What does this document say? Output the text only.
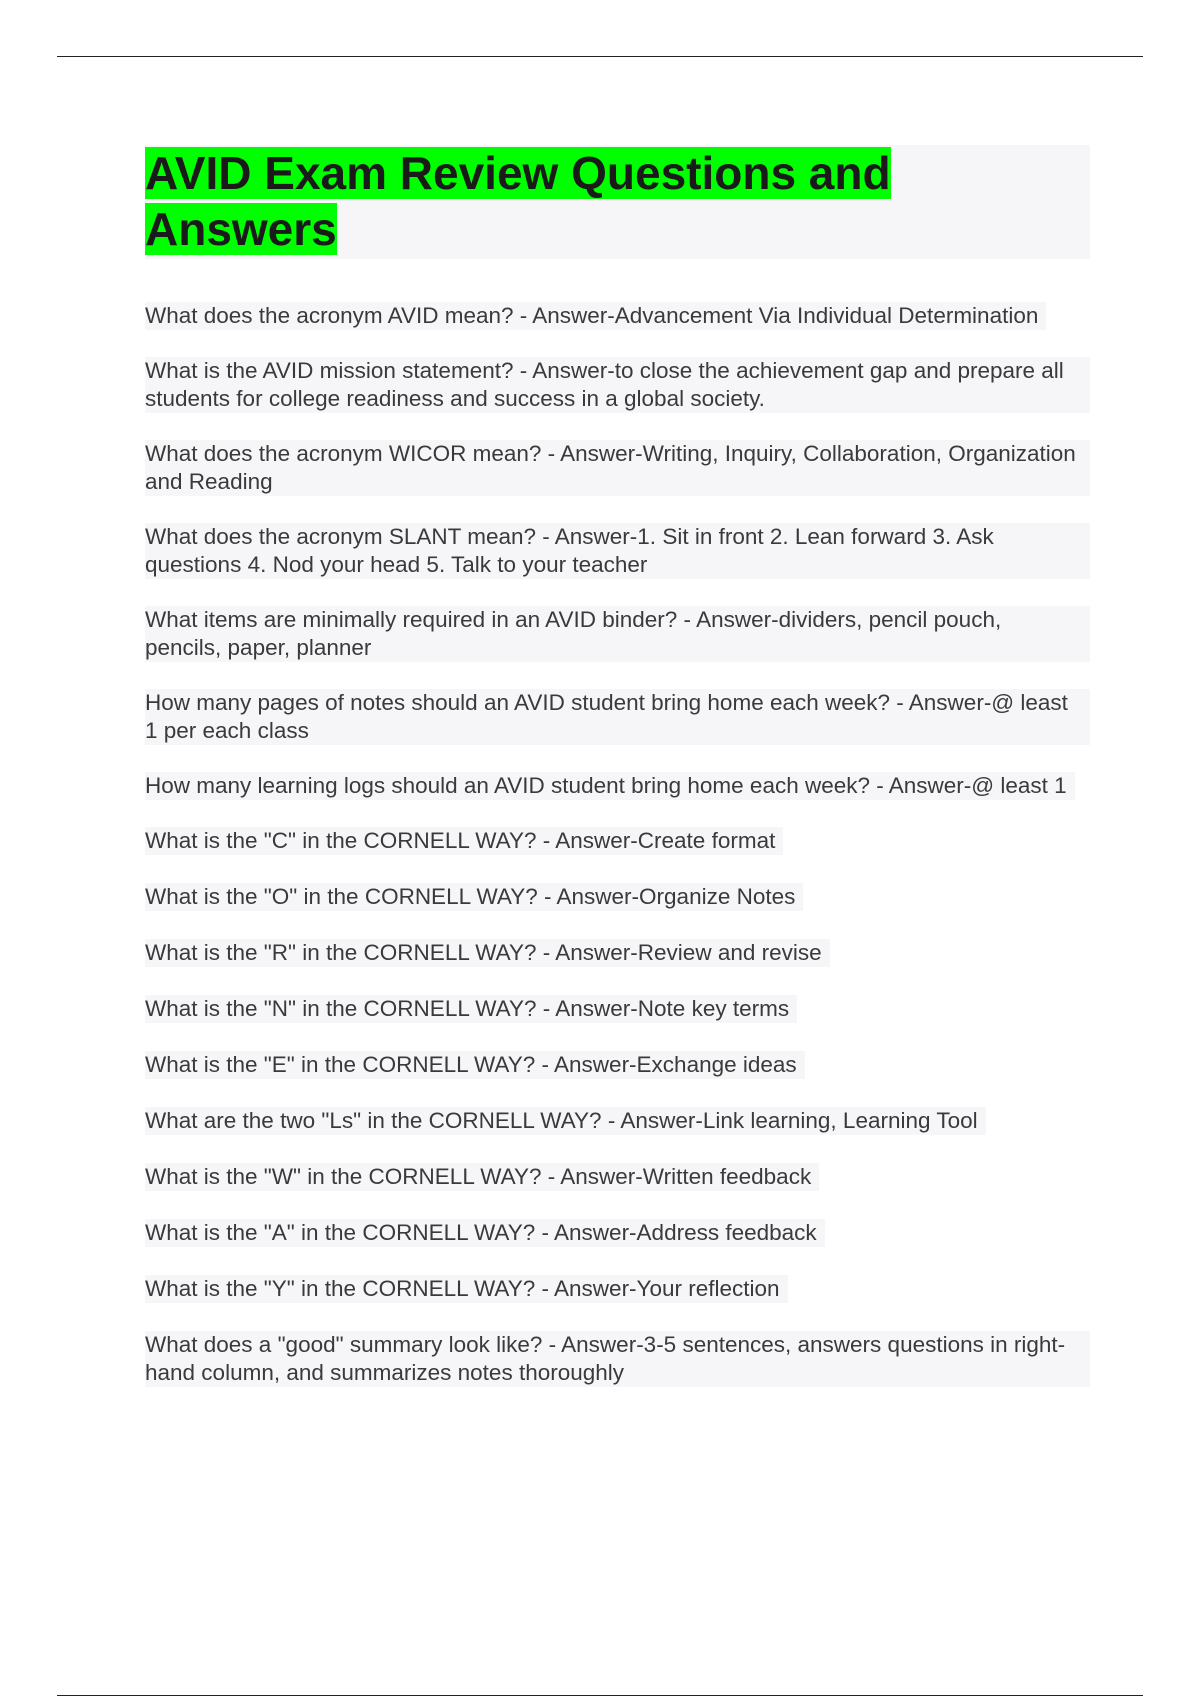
AVID Exam Review Questions and Answers
What does the acronym AVID mean? - Answer-Advancement Via Individual Determination
What is the AVID mission statement? - Answer-to close the achievement gap and prepare all students for college readiness and success in a global society.
What does the acronym WICOR mean? - Answer-Writing, Inquiry, Collaboration, Organization and Reading
What does the acronym SLANT mean? - Answer-1. Sit in front 2. Lean forward 3. Ask questions 4. Nod your head 5. Talk to your teacher
What items are minimally required in an AVID binder? - Answer-dividers, pencil pouch, pencils, paper, planner
How many pages of notes should an AVID student bring home each week? - Answer-@ least 1 per each class
How many learning logs should an AVID student bring home each week? - Answer-@ least 1
What is the "C" in the CORNELL WAY? - Answer-Create format
What is the "O" in the CORNELL WAY? - Answer-Organize Notes
What is the "R" in the CORNELL WAY? - Answer-Review and revise
What is the "N" in the CORNELL WAY? - Answer-Note key terms
What is the "E" in the CORNELL WAY? - Answer-Exchange ideas
What are the two "Ls" in the CORNELL WAY? - Answer-Link learning, Learning Tool
What is the "W" in the CORNELL WAY? - Answer-Written feedback
What is the "A" in the CORNELL WAY? - Answer-Address feedback
What is the "Y" in the CORNELL WAY? - Answer-Your reflection
What does a "good" summary look like? - Answer-3-5 sentences, answers questions in right-hand column, and summarizes notes thoroughly
